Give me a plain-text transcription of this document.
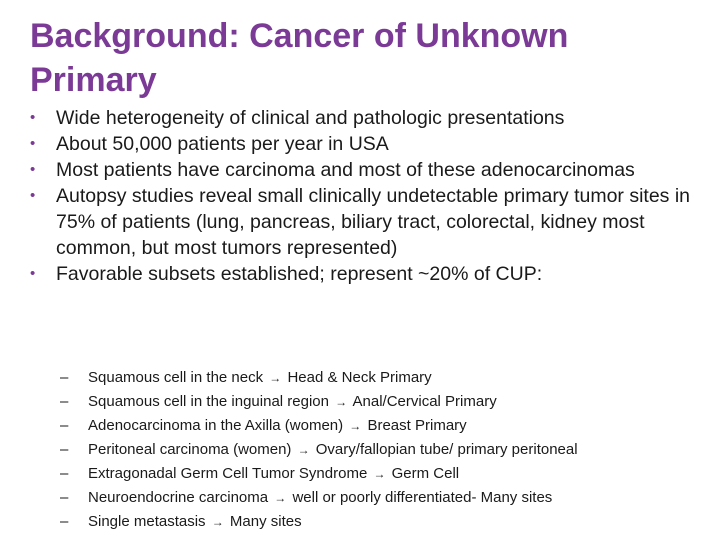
Background: Cancer of Unknown Primary
•	Wide heterogeneity of clinical and pathologic presentations
•	About 50,000 patients per year in USA
•	Most patients have carcinoma and most of these adenocarcinomas
•	Autopsy studies reveal small clinically undetectable primary tumor sites in 75% of patients (lung, pancreas, biliary tract, colorectal, kidney most common, but most tumors represented)
•	Favorable subsets established; represent ~20% of CUP:
– Squamous cell in the neck → Head & Neck Primary
– Squamous cell in the inguinal region → Anal/Cervical Primary
– Adenocarcinoma in the Axilla (women) → Breast Primary
– Peritoneal carcinoma (women) → Ovary/fallopian tube/ primary peritoneal
– Extragonadal Germ Cell Tumor Syndrome → Germ Cell
– Neuroendocrine carcinoma → well or poorly differentiated- Many sites
– Single metastasis → Many sites
